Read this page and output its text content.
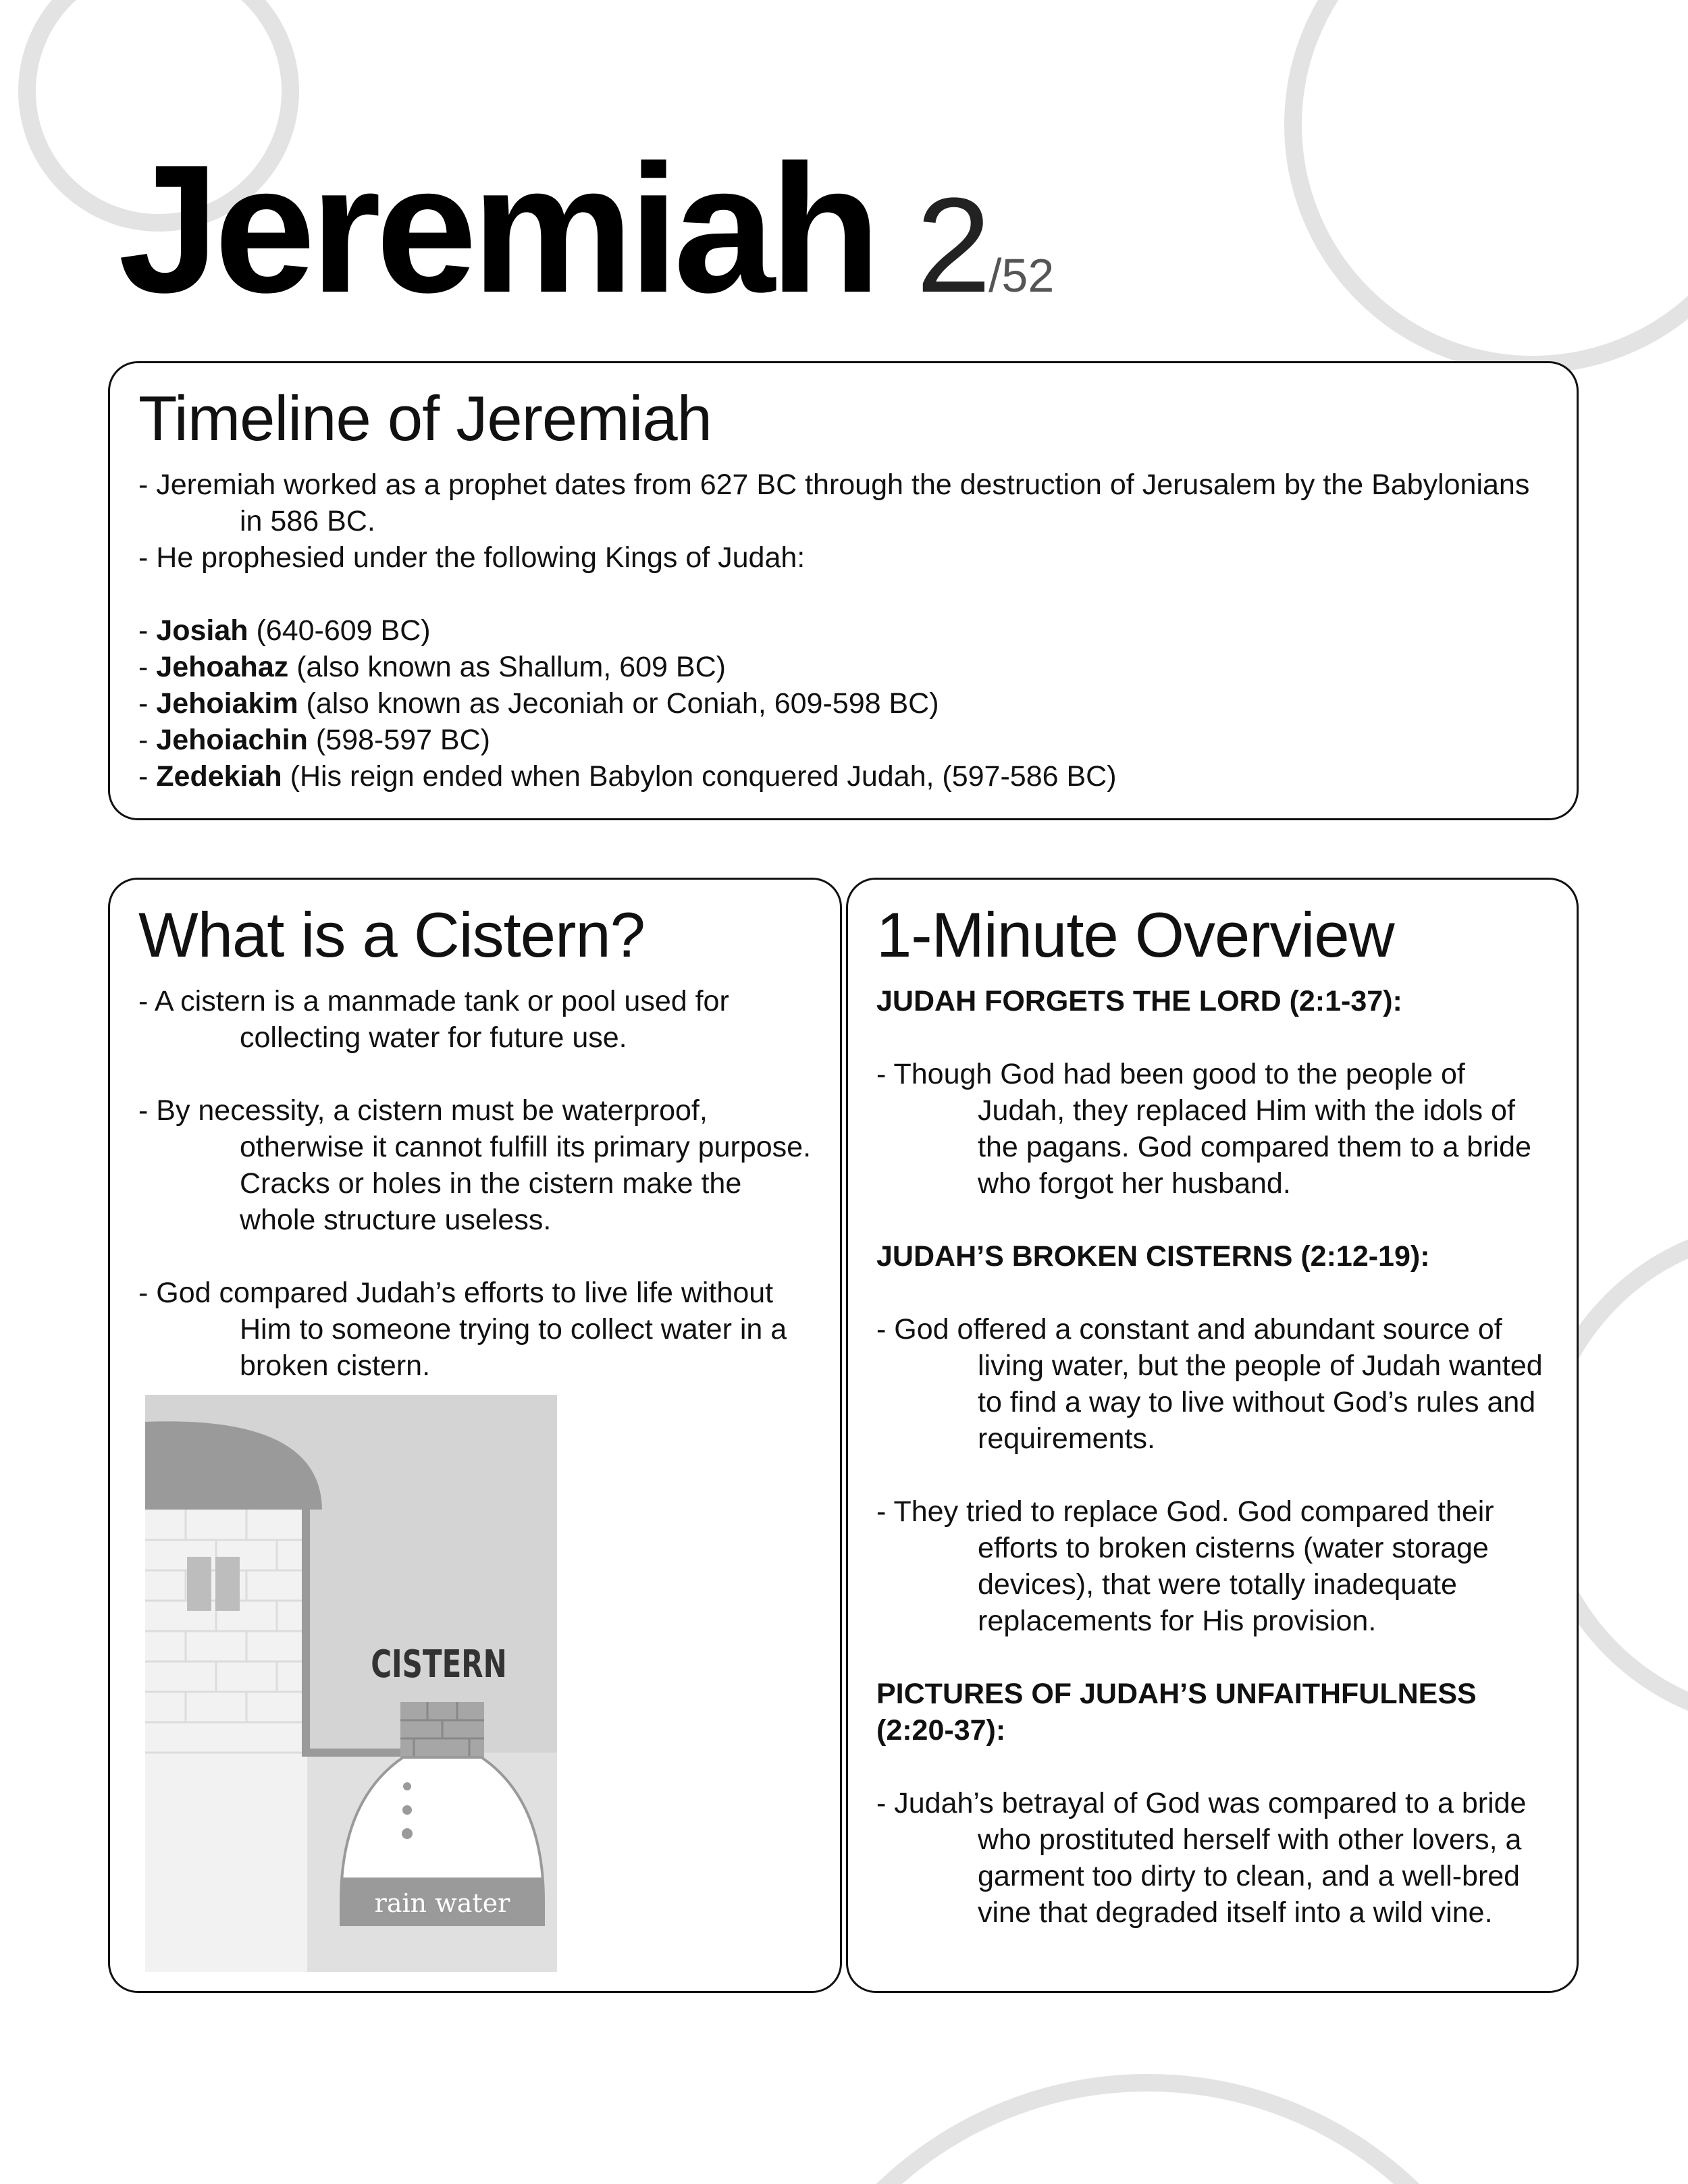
Jeremiah 2/52
Timeline of Jeremiah

- Jeremiah worked as a prophet dates from 627 BC through the destruction of Jerusalem by the Babylonians in 586 BC.

- He prophesied under the following Kings of Judah:

- Josiah (640-609 BC)

- Jehoahaz (also known as Shallum, 609 BC)

- Jehoiakim (also known as Jeconiah or Coniah, 609-598 BC)

- Jehoiachin (598-597 BC)

- Zedekiah (His reign ended when Babylon conquered Judah, (597-586 BC)

What is a Cistern?

- A cistern is a manmade tank or pool used for collecting water for future use.

- By necessity, a cistern must be waterproof, otherwise it cannot fulfill its primary purpose. Cracks or holes in the cistern make the whole structure useless.

- God compared Judah’s efforts to live life without Him to someone trying to collect water in a broken cistern.

rain water
CISTERN
1-Minute Overview

JUDAH FORGETS THE LORD (2:1-37):

- Though God had been good to the people of Judah, they replaced Him with the idols of the pagans. God compared them to a bride who forgot her husband.

JUDAH’S BROKEN CISTERNS (2:12-19):

- God offered a constant and abundant source of living water, but the people of Judah wanted to find a way to live without God’s rules and requirements.

- They tried to replace God. God compared their efforts to broken cisterns (water storage devices), that were totally inadequate replacements for His provision.

PICTURES OF JUDAH’S UNFAITHFULNESS (2:20-37):

- Judah’s betrayal of God was compared to a bride who prostituted herself with other lovers, a garment too dirty to clean, and a well-bred vine that degraded itself into a wild vine.
